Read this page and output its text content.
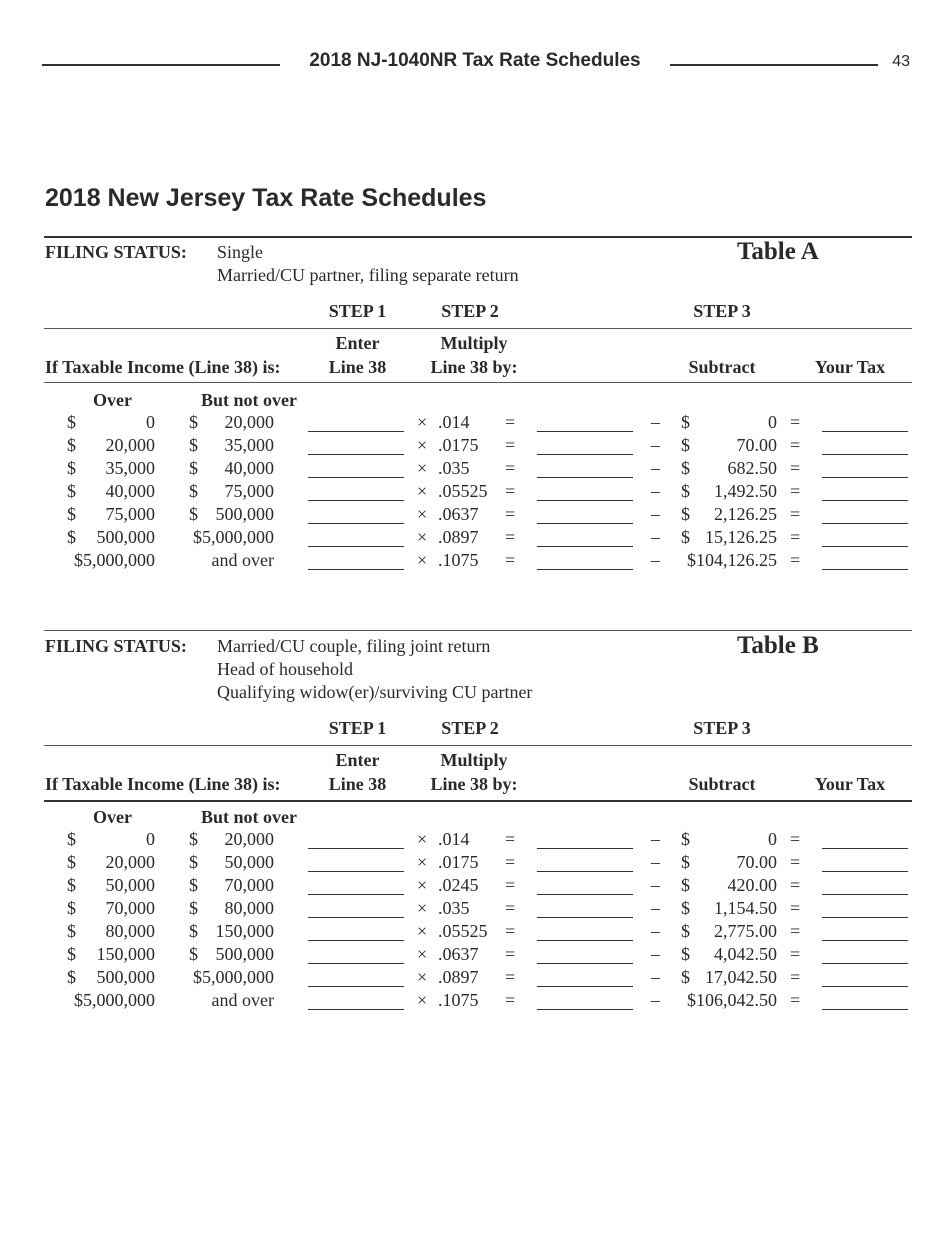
2018 NJ-1040NR Tax Rate Schedules	43
2018 New Jersey Tax Rate Schedules
FILING STATUS: Single
Married/CU partner, filing separate return
Table A
STEP 1	STEP 2	STEP 3
Enter	Multiply
If Taxable Income (Line 38) is:	Line 38	Line 38 by:	Subtract	Your Tax
Over	But not over
$	0 $ 20,000	× .014 =	– $	0 =
$ 20,000 $ 35,000	× .0175 =	– $	70.00 =
$ 35,000 $ 40,000	× .035 =	– $ 682.50 =
$ 40,000 $ 75,000	× .05525 =	– $ 1,492.50 =
$ 75,000 $ 500,000	× .0637 =	– $ 2,126.25 =
$ 500,000 $5,000,000	× .0897 =	– $ 15,126.25 =
$5,000,000	and over	× .1075 =	– $104,126.25 =
FILING STATUS: Married/CU couple, filing joint return
Head of household
Qualifying widow(er)/surviving CU partner
Table B
STEP 1	STEP 2	STEP 3
Enter	Multiply
If Taxable Income (Line 38) is:	Line 38	Line 38 by:	Subtract	Your Tax
Over	But not over
$	0 $ 20,000	× .014 =	– $	0 =
$ 20,000 $ 50,000	× .0175 =	– $	70.00 =
$ 50,000 $ 70,000	× .0245 =	– $ 420.00 =
$ 70,000 $ 80,000	× .035 =	– $ 1,154.50 =
$ 80,000 $ 150,000	× .05525 =	– $ 2,775.00 =
$ 150,000 $ 500,000	× .0637 =	– $ 4,042.50 =
$ 500,000 $5,000,000	× .0897 =	– $ 17,042.50 =
$5,000,000	and over	× .1075 =	– $106,042.50 =
